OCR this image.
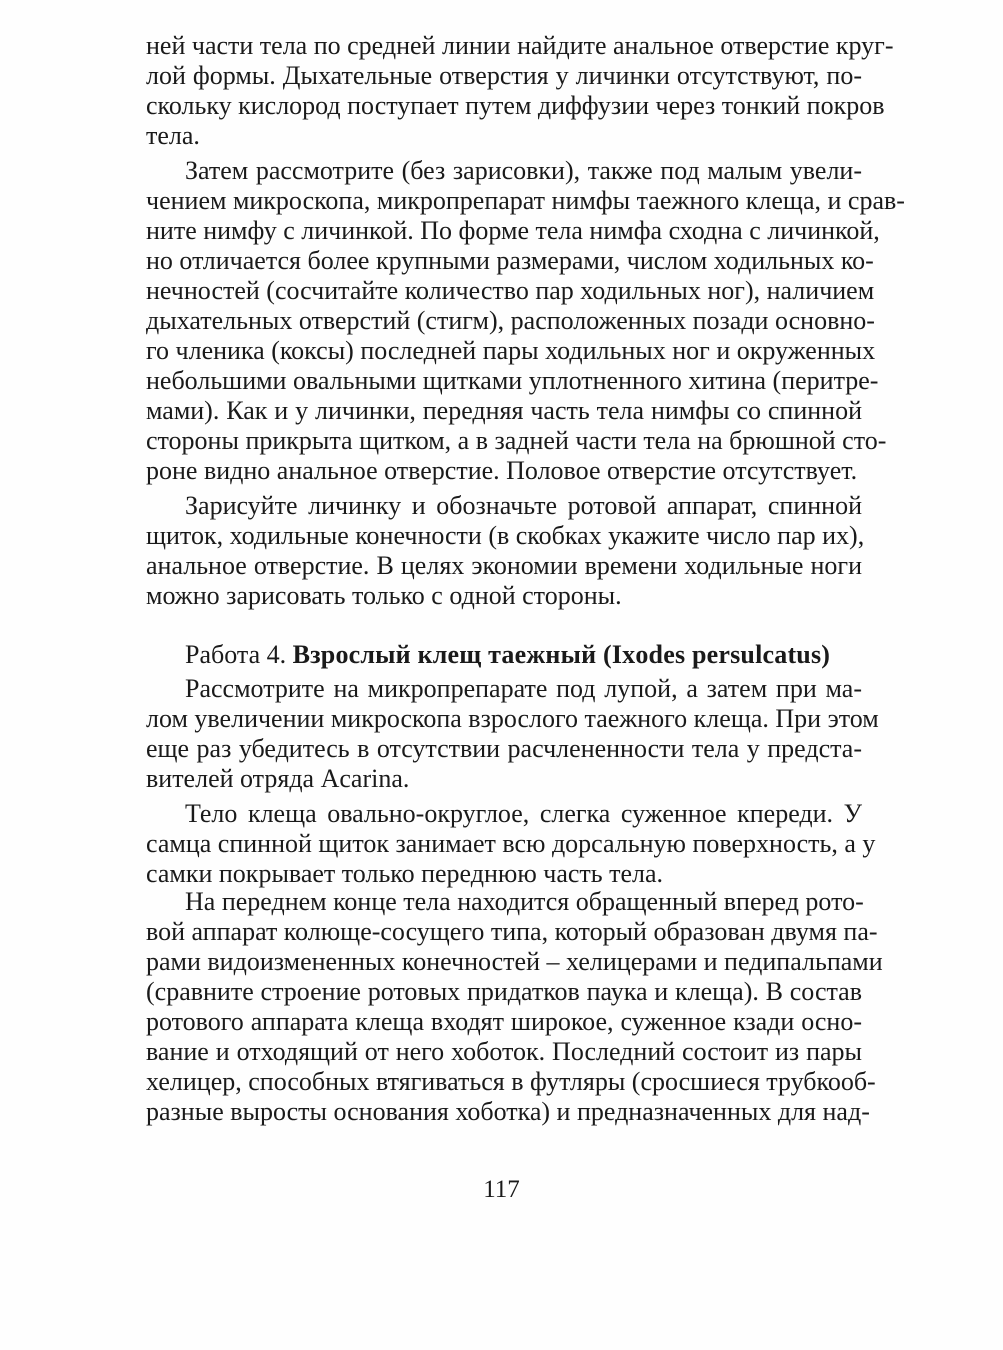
ней части тела по средней линии найдите анальное отверстие круг-
лой формы. Дыхательные отверстия у личинки отсутствуют, по-
скольку кислород поступает путем диффузии через тонкий покров
тела.
Затем рассмотрите (без зарисовки), также под малым увели-
чением микроскопа, микропрепарат нимфы таежного клеща, и срав-
ните нимфу с личинкой. По форме тела нимфа сходна с личинкой,
но отличается более крупными размерами, числом ходильных ко-
нечностей (сосчитайте количество пар ходильных ног), наличием
дыхательных отверстий (стигм), расположенных позади основно-
го членика (коксы) последней пары ходильных ног и окруженных
небольшими овальными щитками уплотненного хитина (перитре-
мами). Как и у личинки, передняя часть тела нимфы со спинной
стороны прикрыта щитком, а в задней части тела на брюшной сто-
роне видно анальное отверстие. Половое отверстие отсутствует.
Зарисуйте личинку и обозначьте ротовой аппарат, спинной
щиток, ходильные конечности (в скобках укажите число пар их),
анальное отверстие. В целях экономии времени ходильные ноги
можно зарисовать только с одной стороны.
Работа 4. Взрослый клещ таежный (Ixodes persulcatus)
Рассмотрите на микропрепарате под лупой, а затем при ма-
лом увеличении микроскопа взрослого таежного клеща. При этом
еще раз убедитесь в отсутствии расчлененности тела у предста-
вителей отряда Acarina.
Тело клеща овально-округлое, слегка суженное кпереди. У
самца спинной щиток занимает всю дорсальную поверхность, а у
самки покрывает только переднюю часть тела.
На переднем конце тела находится обращенный вперед рото-
вой аппарат колюще-сосущего типа, который образован двумя па-
рами видоизмененных конечностей – хелицерами и педипальпами
(сравните строение ротовых придатков паука и клеща). В состав
ротового аппарата клеща входят широкое, суженное кзади осно-
вание и отходящий от него хоботок. Последний состоит из пары
хелицер, способных втягиваться в футляры (сросшиеся трубкооб-
разные выросты основания хоботка) и предназначенных для над-
117
